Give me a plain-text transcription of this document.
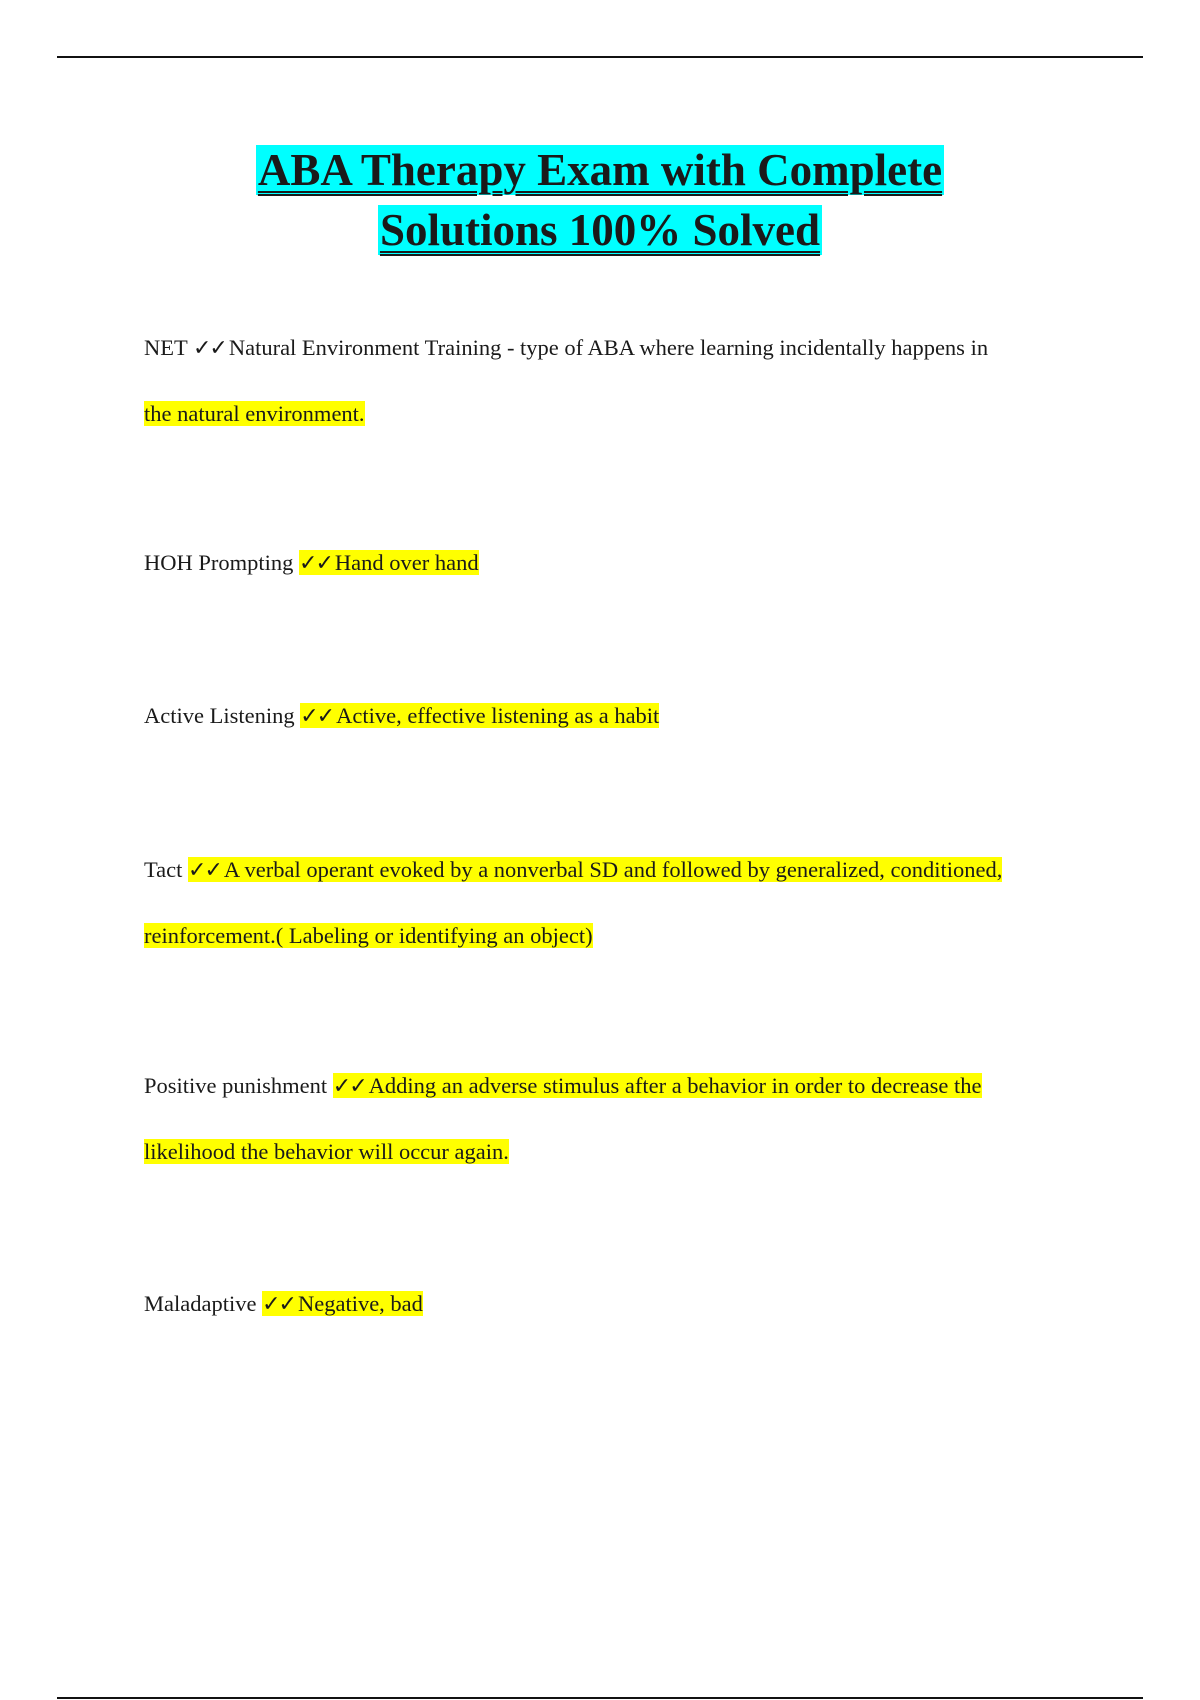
ABA Therapy Exam with Complete
Solutions 100% Solved

NET ✓✓ Natural Environment Training - type of ABA where learning incidentally happens in
the natural environment.

HOH Prompting ✓✓ Hand over hand

Active Listening ✓✓ Active, effective listening as a habit

Tact ✓✓ A verbal operant evoked by a nonverbal SD and followed by generalized, conditioned,
reinforcement.( Labeling or identifying an object)

Positive punishment ✓✓ Adding an adverse stimulus after a behavior in order to decrease the
likelihood the behavior will occur again.

Maladaptive ✓✓ Negative, bad
